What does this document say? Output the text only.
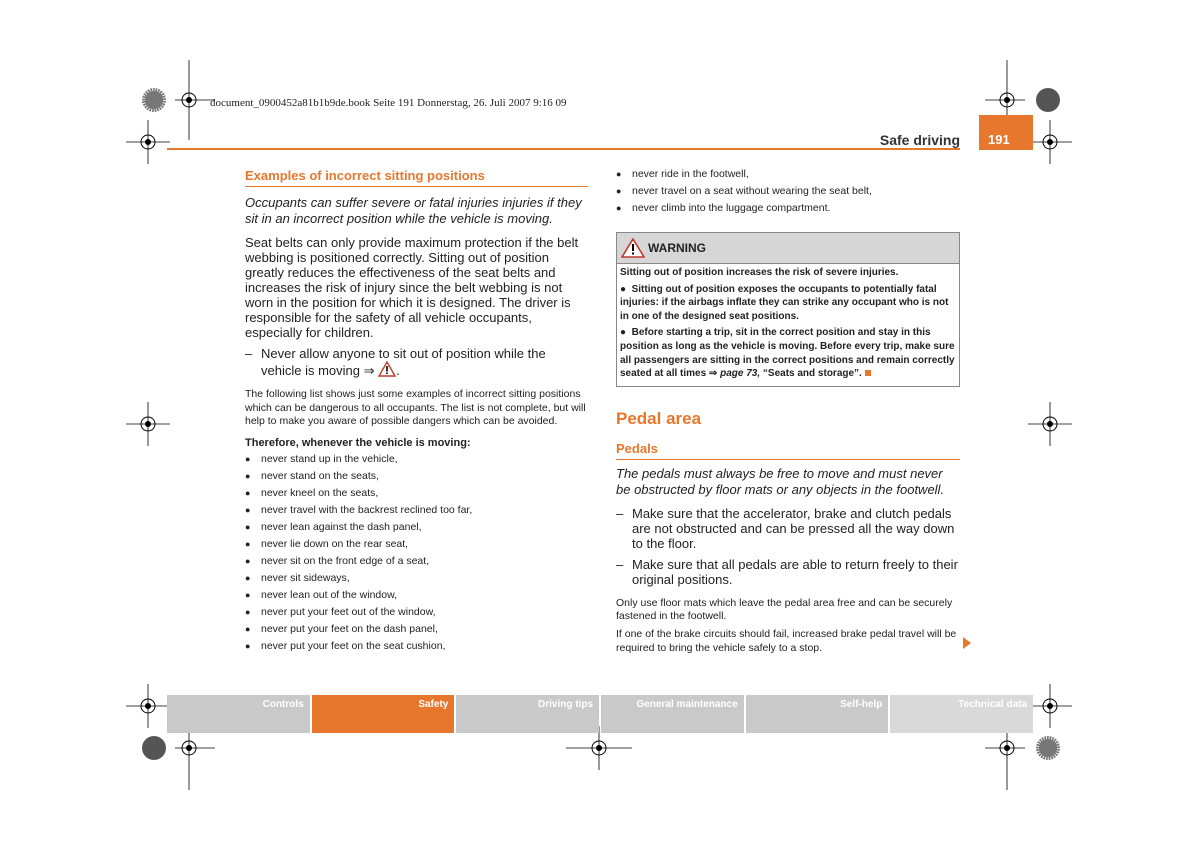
document_0900452a81b1b9de.book Seite 191 Donnerstag, 26. Juli 2007 9:16 09
Safe driving 191
Examples of incorrect sitting positions

Occupants can suffer severe or fatal injuries injuries if they sit in an incorrect position while the vehicle is moving.

Seat belts can only provide maximum protection if the belt webbing is positioned correctly. Sitting out of position greatly reduces the effectiveness of the seat belts and increases the risk of injury since the belt webbing is not worn in the position for which it is designed. The driver is responsible for the safety of all vehicle occupants, especially for children.

– Never allow anyone to sit out of position while the vehicle is moving ⇒ .

The following list shows just some examples of incorrect sitting positions which can be dangerous to all occupants. The list is not complete, but will help to make you aware of possible dangers which can be avoided.

Therefore, whenever the vehicle is moving:
● never stand up in the vehicle,
● never stand on the seats,
● never kneel on the seats,
● never travel with the backrest reclined too far,
● never lean against the dash panel,
● never lie down on the rear seat,
● never sit on the front edge of a seat,
● never sit sideways,
● never lean out of the window,
● never put your feet out of the window,
● never put your feet on the dash panel,
● never put your feet on the seat cushion,
● never ride in the footwell,
● never travel on a seat without wearing the seat belt,
● never climb into the luggage compartment.
WARNING

Sitting out of position increases the risk of severe injuries.

●  Sitting out of position exposes the occupants to potentially fatal injuries: if the airbags inflate they can strike any occupant who is not in one of the designed seat positions.

●  Before starting a trip, sit in the correct position and stay in this position as long as the vehicle is moving. Before every trip, make sure all passengers are sitting in the correct positions and remain correctly seated at all times ⇒ page 73, “Seats and storage”.

Pedal area
Pedals

The pedals must always be free to move and must never be obstructed by floor mats or any objects in the footwell.

– Make sure that the accelerator, brake and clutch pedals are not obstructed and can be pressed all the way down to the floor.
– Make sure that all pedals are able to return freely to their original positions.

Only use floor mats which leave the pedal area free and can be securely fastened in the footwell.

If one of the brake circuits should fail, increased brake pedal travel will be required to bring the vehicle safely to a stop.

Controls	Safety	Driving tips	General maintenance	Self-help	Technical data
